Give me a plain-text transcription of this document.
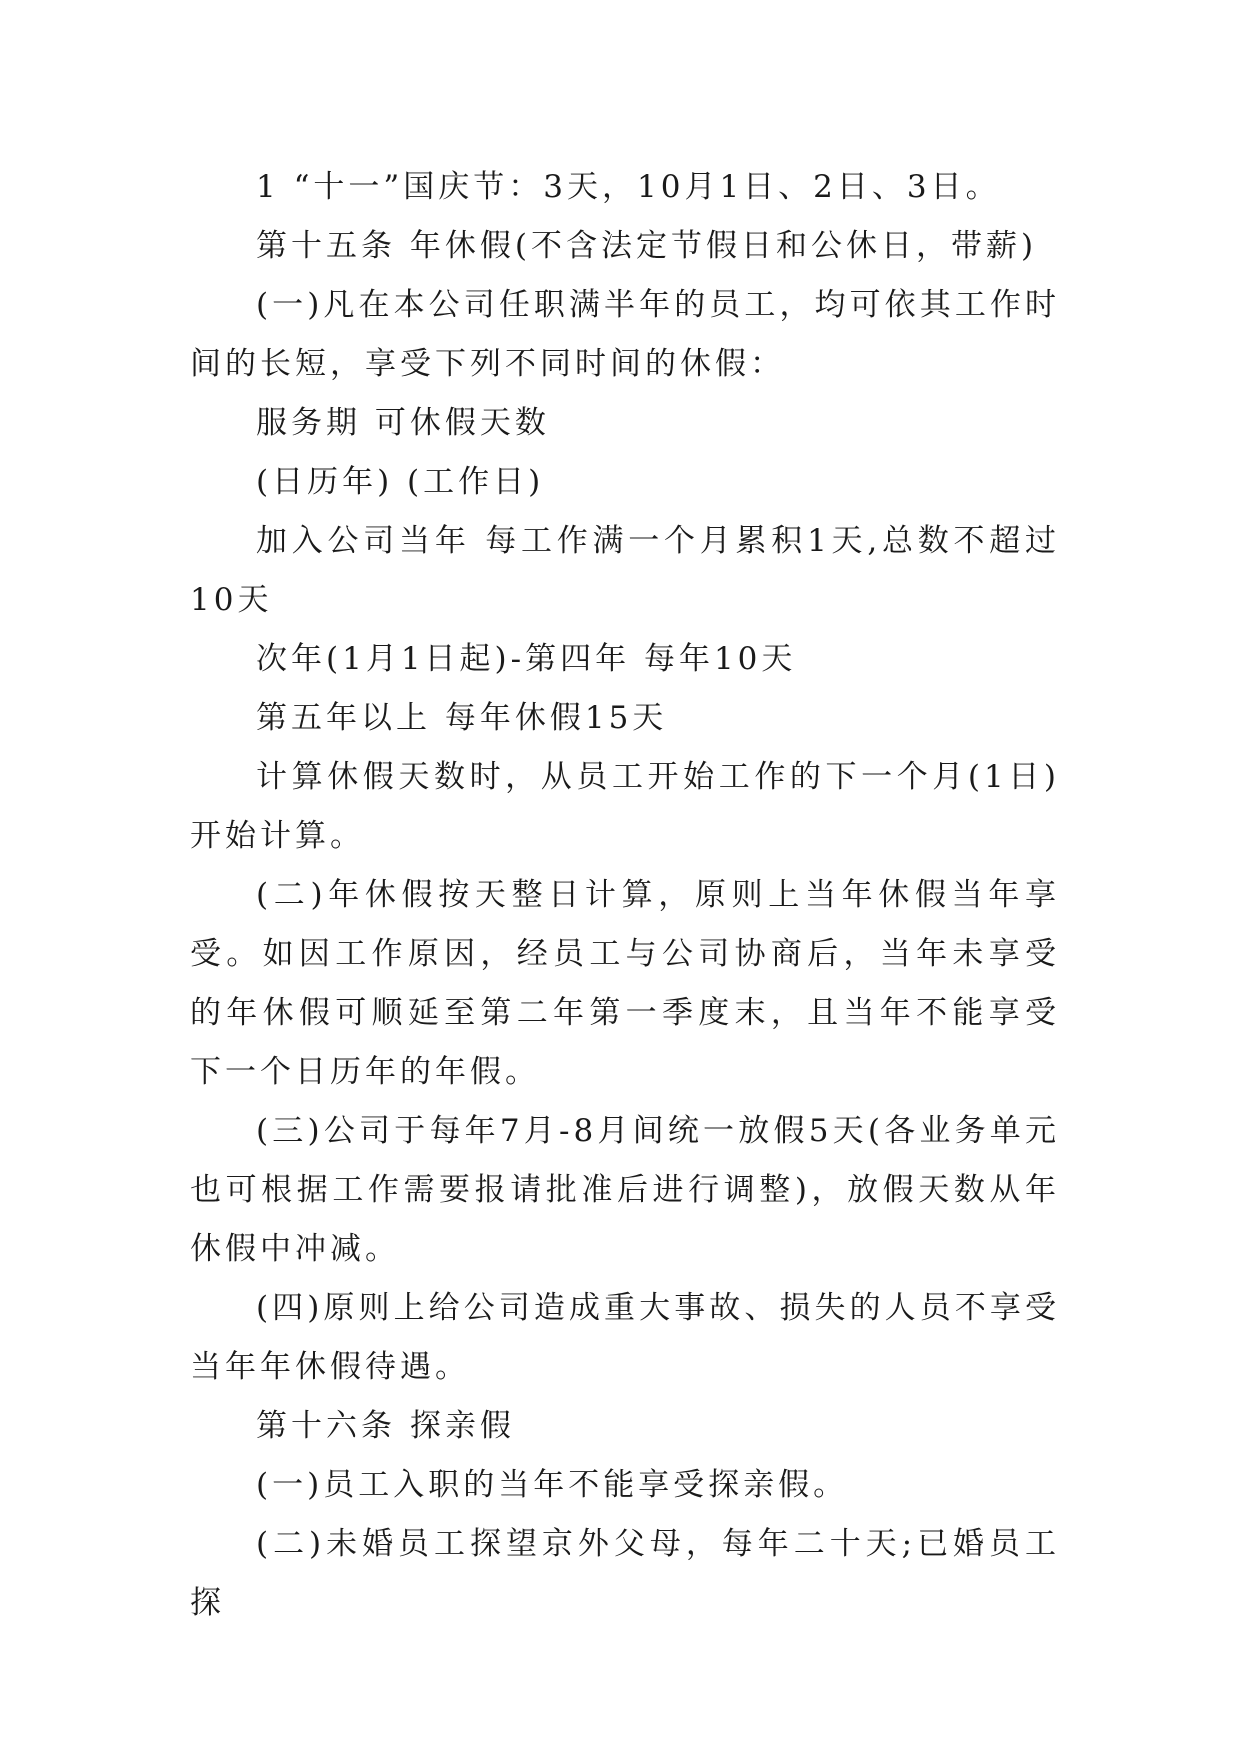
1 “十一”国庆节：3天，10月1日、2日、3日。

第十五条 年休假(不含法定节假日和公休日，带薪)

(一)凡在本公司任职满半年的员工，均可依其工作时间的长短，享受下列不同时间的休假：

服务期 可休假天数

(日历年) (工作日)

加入公司当年 每工作满一个月累积1天,总数不超过10天

次年(1月1日起)-第四年 每年10天

第五年以上 每年休假15天

计算休假天数时，从员工开始工作的下一个月(1日)开始计算。

(二)年休假按天整日计算，原则上当年休假当年享受。如因工作原因，经员工与公司协商后，当年未享受的年休假可顺延至第二年第一季度末，且当年不能享受下一个日历年的年假。

(三)公司于每年7月-8月间统一放假5天(各业务单元也可根据工作需要报请批准后进行调整)，放假天数从年休假中冲减。

(四)原则上给公司造成重大事故、损失的人员不享受当年年休假待遇。

第十六条 探亲假

(一)员工入职的当年不能享受探亲假。

(二)未婚员工探望京外父母，每年二十天;已婚员工探
